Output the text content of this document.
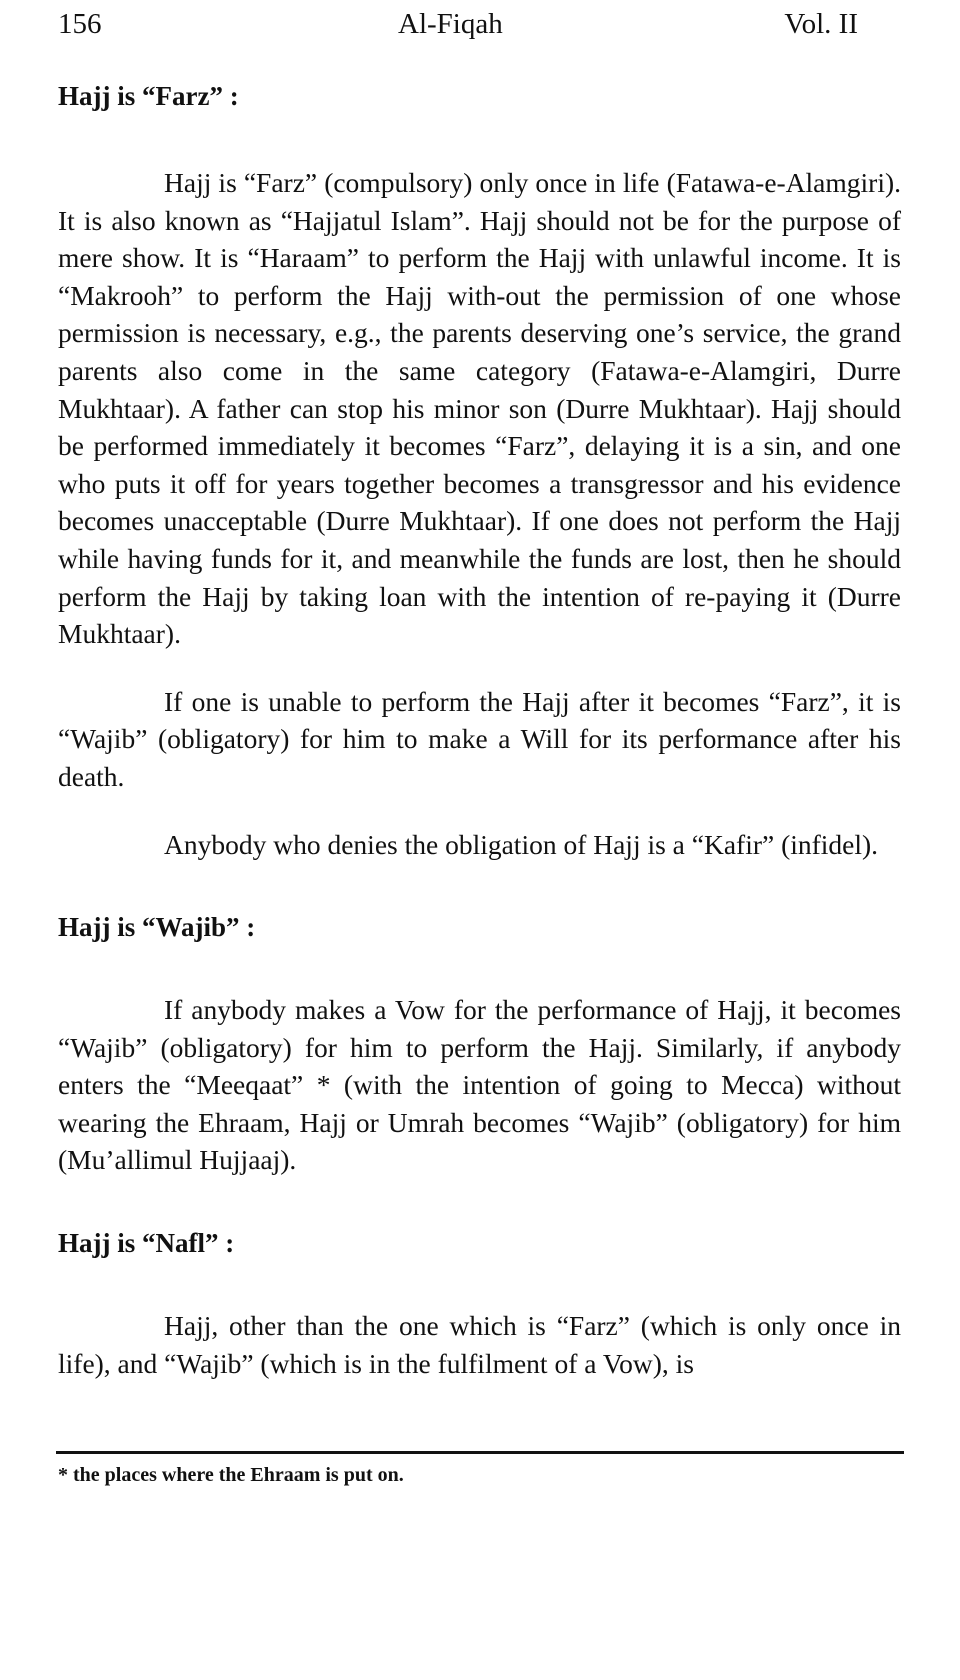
156	Al-Fiqah	Vol. II
Hajj is “Farz” :

Hajj is “Farz” (compulsory) only once in life (Fatawa-e-Alamgiri). It is also known as “Hajjatul Islam”. Hajj should not be for the purpose of mere show. It is “Haraam” to perform the Hajj with unlawful income. It is “Makrooh” to perform the Hajj with-out the permission of one whose permission is necessary, e.g., the parents deserving one’s service, the grand parents also come in the same category (Fatawa-e-Alamgiri, Durre Mukhtaar). A father can stop his minor son (Durre Mukhtaar). Hajj should be performed immediately it becomes “Farz”, delaying it is a sin, and one who puts it off for years together becomes a transgressor and his evidence becomes unacceptable (Durre Mukhtaar). If one does not perform the Hajj while having funds for it, and meanwhile the funds are lost, then he should perform the Hajj by taking loan with the intention of re-paying it (Durre Mukhtaar).

If one is unable to perform the Hajj after it becomes “Farz”, it is “Wajib” (obligatory) for him to make a Will for its performance after his death.

Anybody who denies the obligation of Hajj is a “Kafir” (infidel).

Hajj is “Wajib” :

If anybody makes a Vow for the performance of Hajj, it becomes “Wajib” (obligatory) for him to perform the Hajj. Similarly, if anybody enters the “Meeqaat” * (with the intention of going to Mecca) without wearing the Ehraam, Hajj or Umrah becomes “Wajib” (obligatory) for him (Mu’allimul Hujjaaj).

Hajj is “Nafl” :

Hajj, other than the one which is “Farz” (which is only once in life), and “Wajib” (which is in the fulfilment of a Vow), is

* the places where the Ehraam is put on.
